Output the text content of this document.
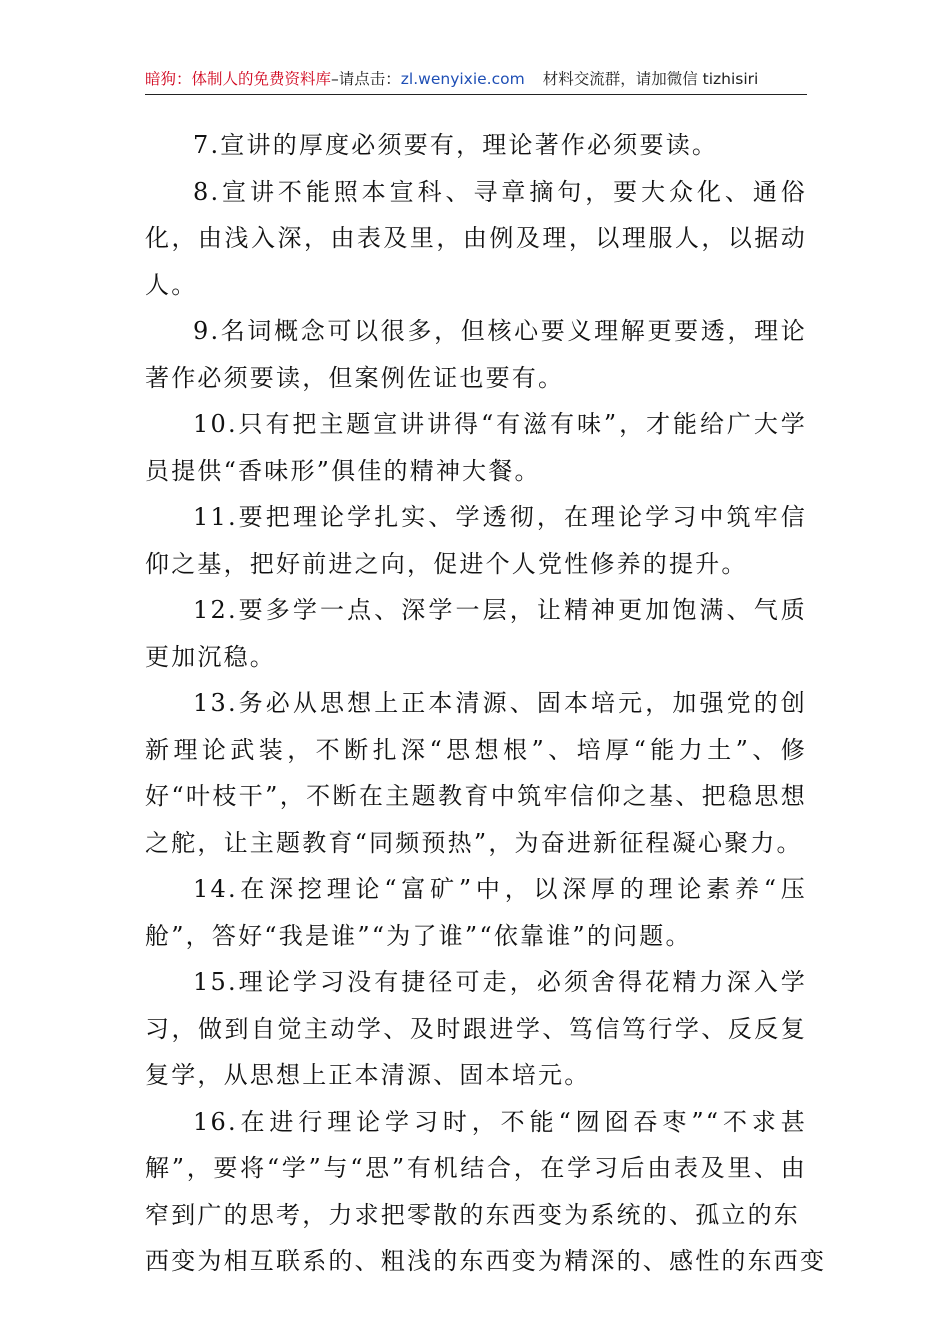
暗狗：体制人的免费资料库–请点击：zl.wenyixie.com 材料交流群，请加微信 tizhisiri

7.宣讲的厚度必须要有，理论著作必须要读。

8.宣讲不能照本宣科、寻章摘句，要大众化、通俗化，由浅入深，由表及里，由例及理，以理服人，以据动人。

9.名词概念可以很多，但核心要义理解更要透，理论著作必须要读，但案例佐证也要有。

10.只有把主题宣讲讲得“有滋有味”，才能给广大学员提供“香味形”俱佳的精神大餐。

11.要把理论学扎实、学透彻，在理论学习中筑牢信仰之基，把好前进之向，促进个人党性修养的提升。

12.要多学一点、深学一层，让精神更加饱满、气质更加沉稳。

13.务必从思想上正本清源、固本培元，加强党的创新理论武装，不断扎深“思想根”、培厚“能力土”、修好“叶枝干”，不断在主题教育中筑牢信仰之基、把稳思想之舵，让主题教育“同频预热”，为奋进新征程凝心聚力。

14.在深挖理论“富矿”中，以深厚的理论素养“压舱”，答好“我是谁”“为了谁”“依靠谁”的问题。

15.理论学习没有捷径可走，必须舍得花精力深入学习，做到自觉主动学、及时跟进学、笃信笃行学、反反复复学，从思想上正本清源、固本培元。

16.在进行理论学习时，不能“囫囵吞枣”“不求甚解”，要将“学”与“思”有机结合，在学习后由表及里、由窄到广的思考，力求把零散的东西变为系统的、孤立的东

西变为相互联系的、粗浅的东西变为精深的、感性的东西变
